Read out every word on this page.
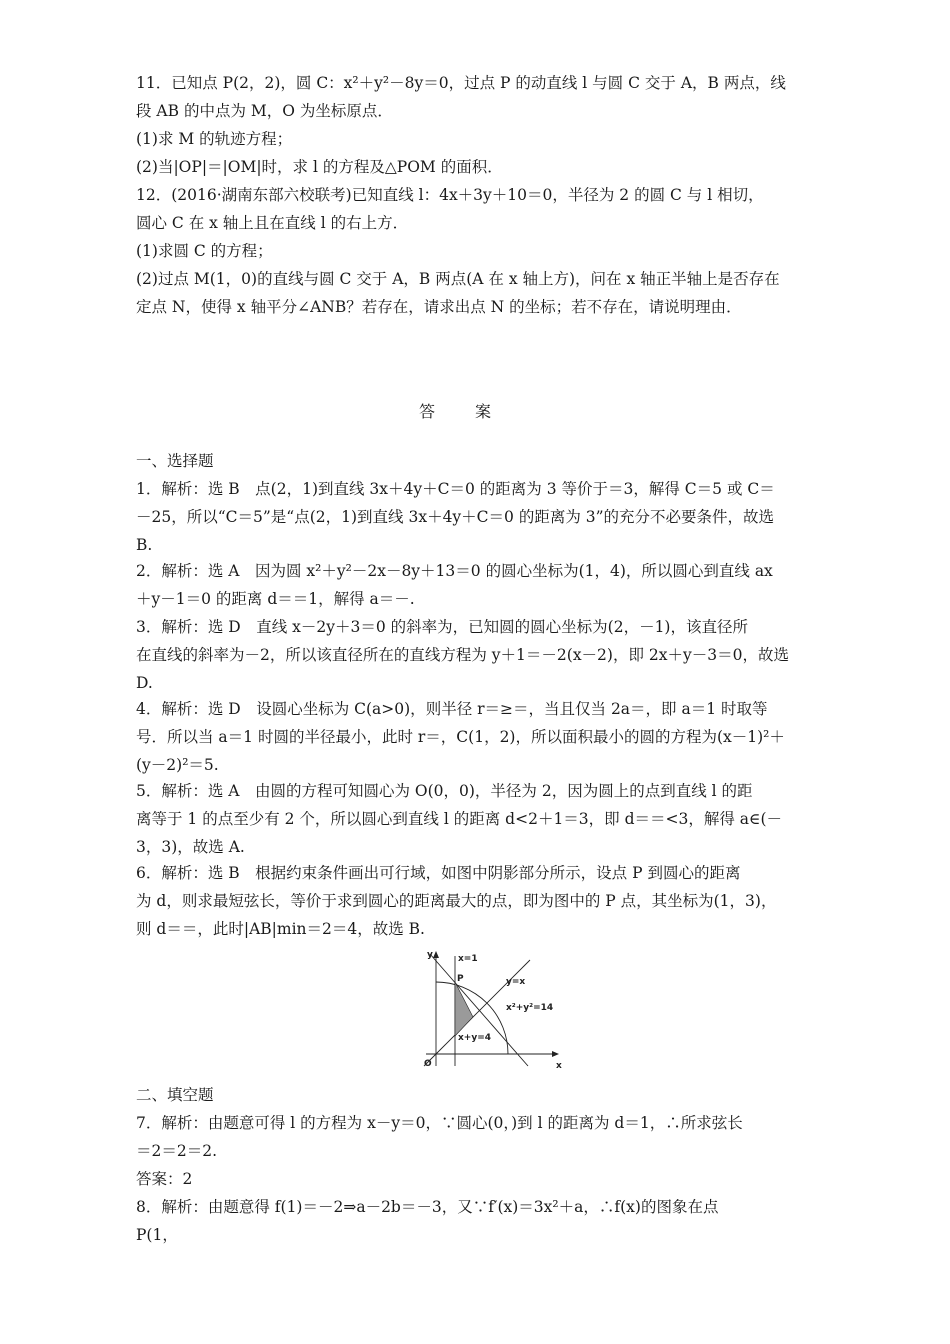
11．已知点 P(2，2)，圆 C：x²＋y²－8y＝0，过点 P 的动直线 l 与圆 C 交于 A，B 两点，线
段 AB 的中点为 M，O 为坐标原点．
(1)求 M 的轨迹方程；
(2)当|OP|＝|OM|时，求 l 的方程及△POM 的面积．
12．(2016·湖南东部六校联考)已知直线 l：4x＋3y＋10＝0，半径为 2 的圆 C 与 l 相切，
圆心 C 在 x 轴上且在直线 l 的右上方．
(1)求圆 C 的方程；
(2)过点 M(1，0)的直线与圆 C 交于 A，B 两点(A 在 x 轴上方)，问在 x 轴正半轴上是否存在
定点 N，使得 x 轴平分∠ANB？若存在，请求出点 N 的坐标；若不存在，请说明理由．
答案
一、选择题
1．解析：选 B　点(2，1)到直线 3x＋4y＋C＝0 的距离为 3 等价于＝3，解得 C＝5 或 C＝
－25，所以“C＝5”是“点(2，1)到直线 3x＋4y＋C＝0 的距离为 3”的充分不必要条件，故选
B.
2．解析：选 A　因为圆 x²＋y²－2x－8y＋13＝0 的圆心坐标为(1，4)，所以圆心到直线 ax
＋y－1＝0 的距离 d＝＝1，解得 a＝－.
3．解析：选 D　直线 x－2y＋3＝0 的斜率为，已知圆的圆心坐标为(2，－1)，该直径所
在直线的斜率为－2，所以该直径所在的直线方程为 y＋1＝－2(x－2)，即 2x＋y－3＝0，故选
D.
4．解析：选 D　设圆心坐标为 C(a>0)，则半径 r＝≥＝，当且仅当 2a＝，即 a＝1 时取等
号．所以当 a＝1 时圆的半径最小，此时 r＝，C(1，2)，所以面积最小的圆的方程为(x－1)²＋
(y－2)²＝5.
5．解析：选 A　由圆的方程可知圆心为 O(0，0)，半径为 2，因为圆上的点到直线 l 的距
离等于 1 的点至少有 2 个，所以圆心到直线 l 的距离 d<2＋1＝3，即 d＝＝<3，解得 a∈(－
3，3)，故选 A.
6．解析：选 B　根据约束条件画出可行域，如图中阴影部分所示，设点 P 到圆心的距离
为 d，则求最短弦长，等价于求到圆心的距离最大的点，即为图中的 P 点，其坐标为(1，3)，
则 d＝＝，此时|AB|min＝2＝4，故选 B.
y
x
O
P
x=1
y=x
x²+y²=14
x+y=4
二、填空题
7．解析：由题意可得 l 的方程为 x－y＝0，∵圆心(0，)到 l 的距离为 d＝1，∴所求弦长
＝2＝2＝2.
答案：2
8．解析：由题意得 f(1)＝－2⇒a－2b＝－3，又∵f′(x)＝3x²＋a，∴f(x)的图象在点
P(1，
